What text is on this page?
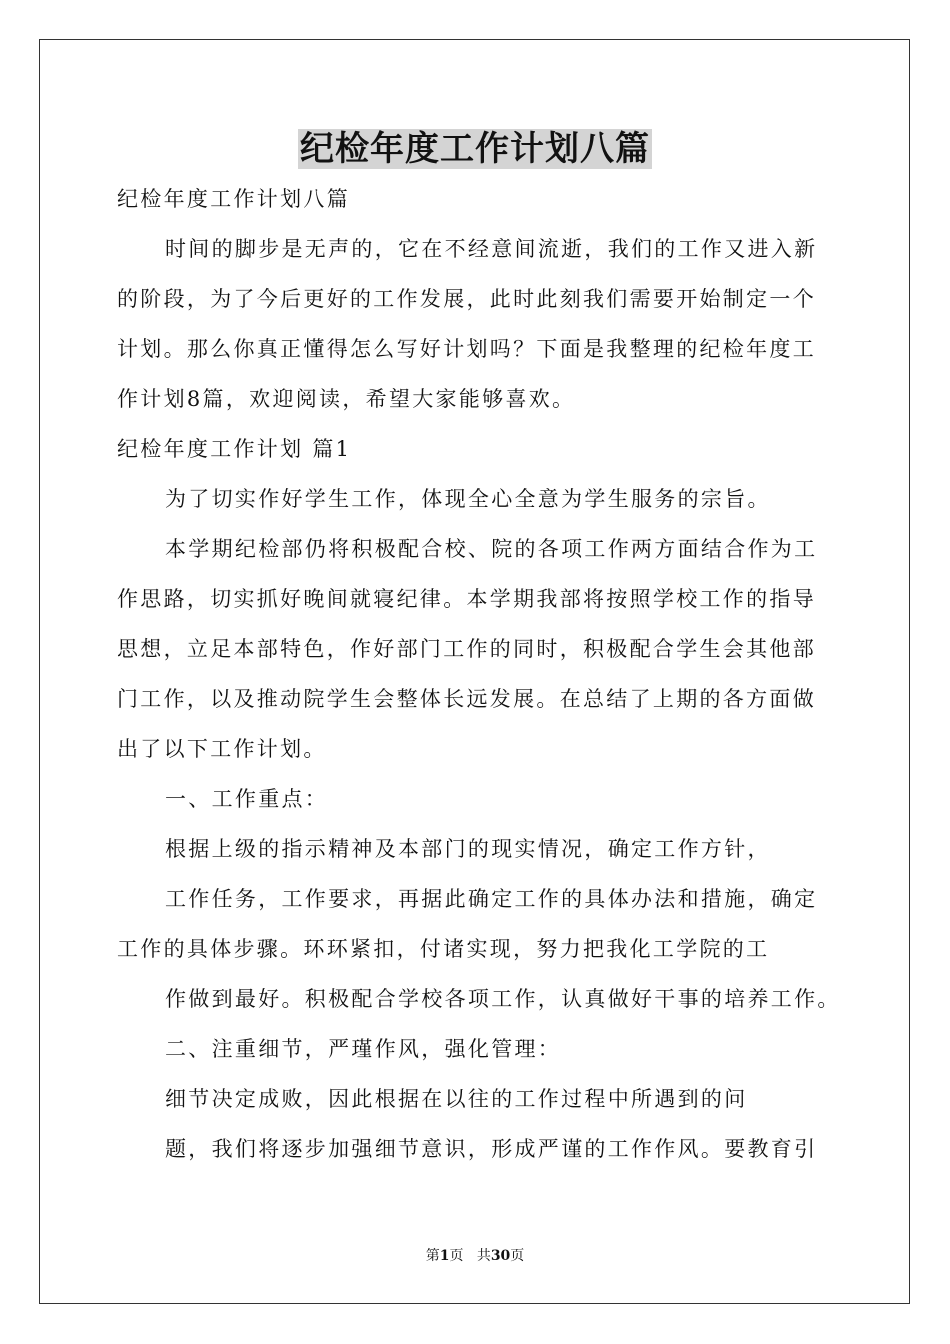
纪检年度工作计划八篇
纪检年度工作计划八篇
时间的脚步是无声的，它在不经意间流逝，我们的工作又进入新
的阶段，为了今后更好的工作发展，此时此刻我们需要开始制定一个
计划。那么你真正懂得怎么写好计划吗？下面是我整理的纪检年度工
作计划8篇，欢迎阅读，希望大家能够喜欢。
纪检年度工作计划 篇1
为了切实作好学生工作，体现全心全意为学生服务的宗旨。
本学期纪检部仍将积极配合校、院的各项工作两方面结合作为工
作思路，切实抓好晚间就寝纪律。本学期我部将按照学校工作的指导
思想，立足本部特色，作好部门工作的同时，积极配合学生会其他部
门工作，以及推动院学生会整体长远发展。在总结了上期的各方面做
出了以下工作计划。
一、工作重点：
根据上级的指示精神及本部门的现实情况，确定工作方针，
工作任务，工作要求，再据此确定工作的具体办法和措施，确定
工作的具体步骤。环环紧扣，付诸实现，努力把我化工学院的工
作做到最好。积极配合学校各项工作，认真做好干事的培养工作。
二、注重细节，严瑾作风，强化管理：
细节决定成败，因此根据在以往的工作过程中所遇到的问
题，我们将逐步加强细节意识，形成严谨的工作作风。要教育引
第1页 共30页
